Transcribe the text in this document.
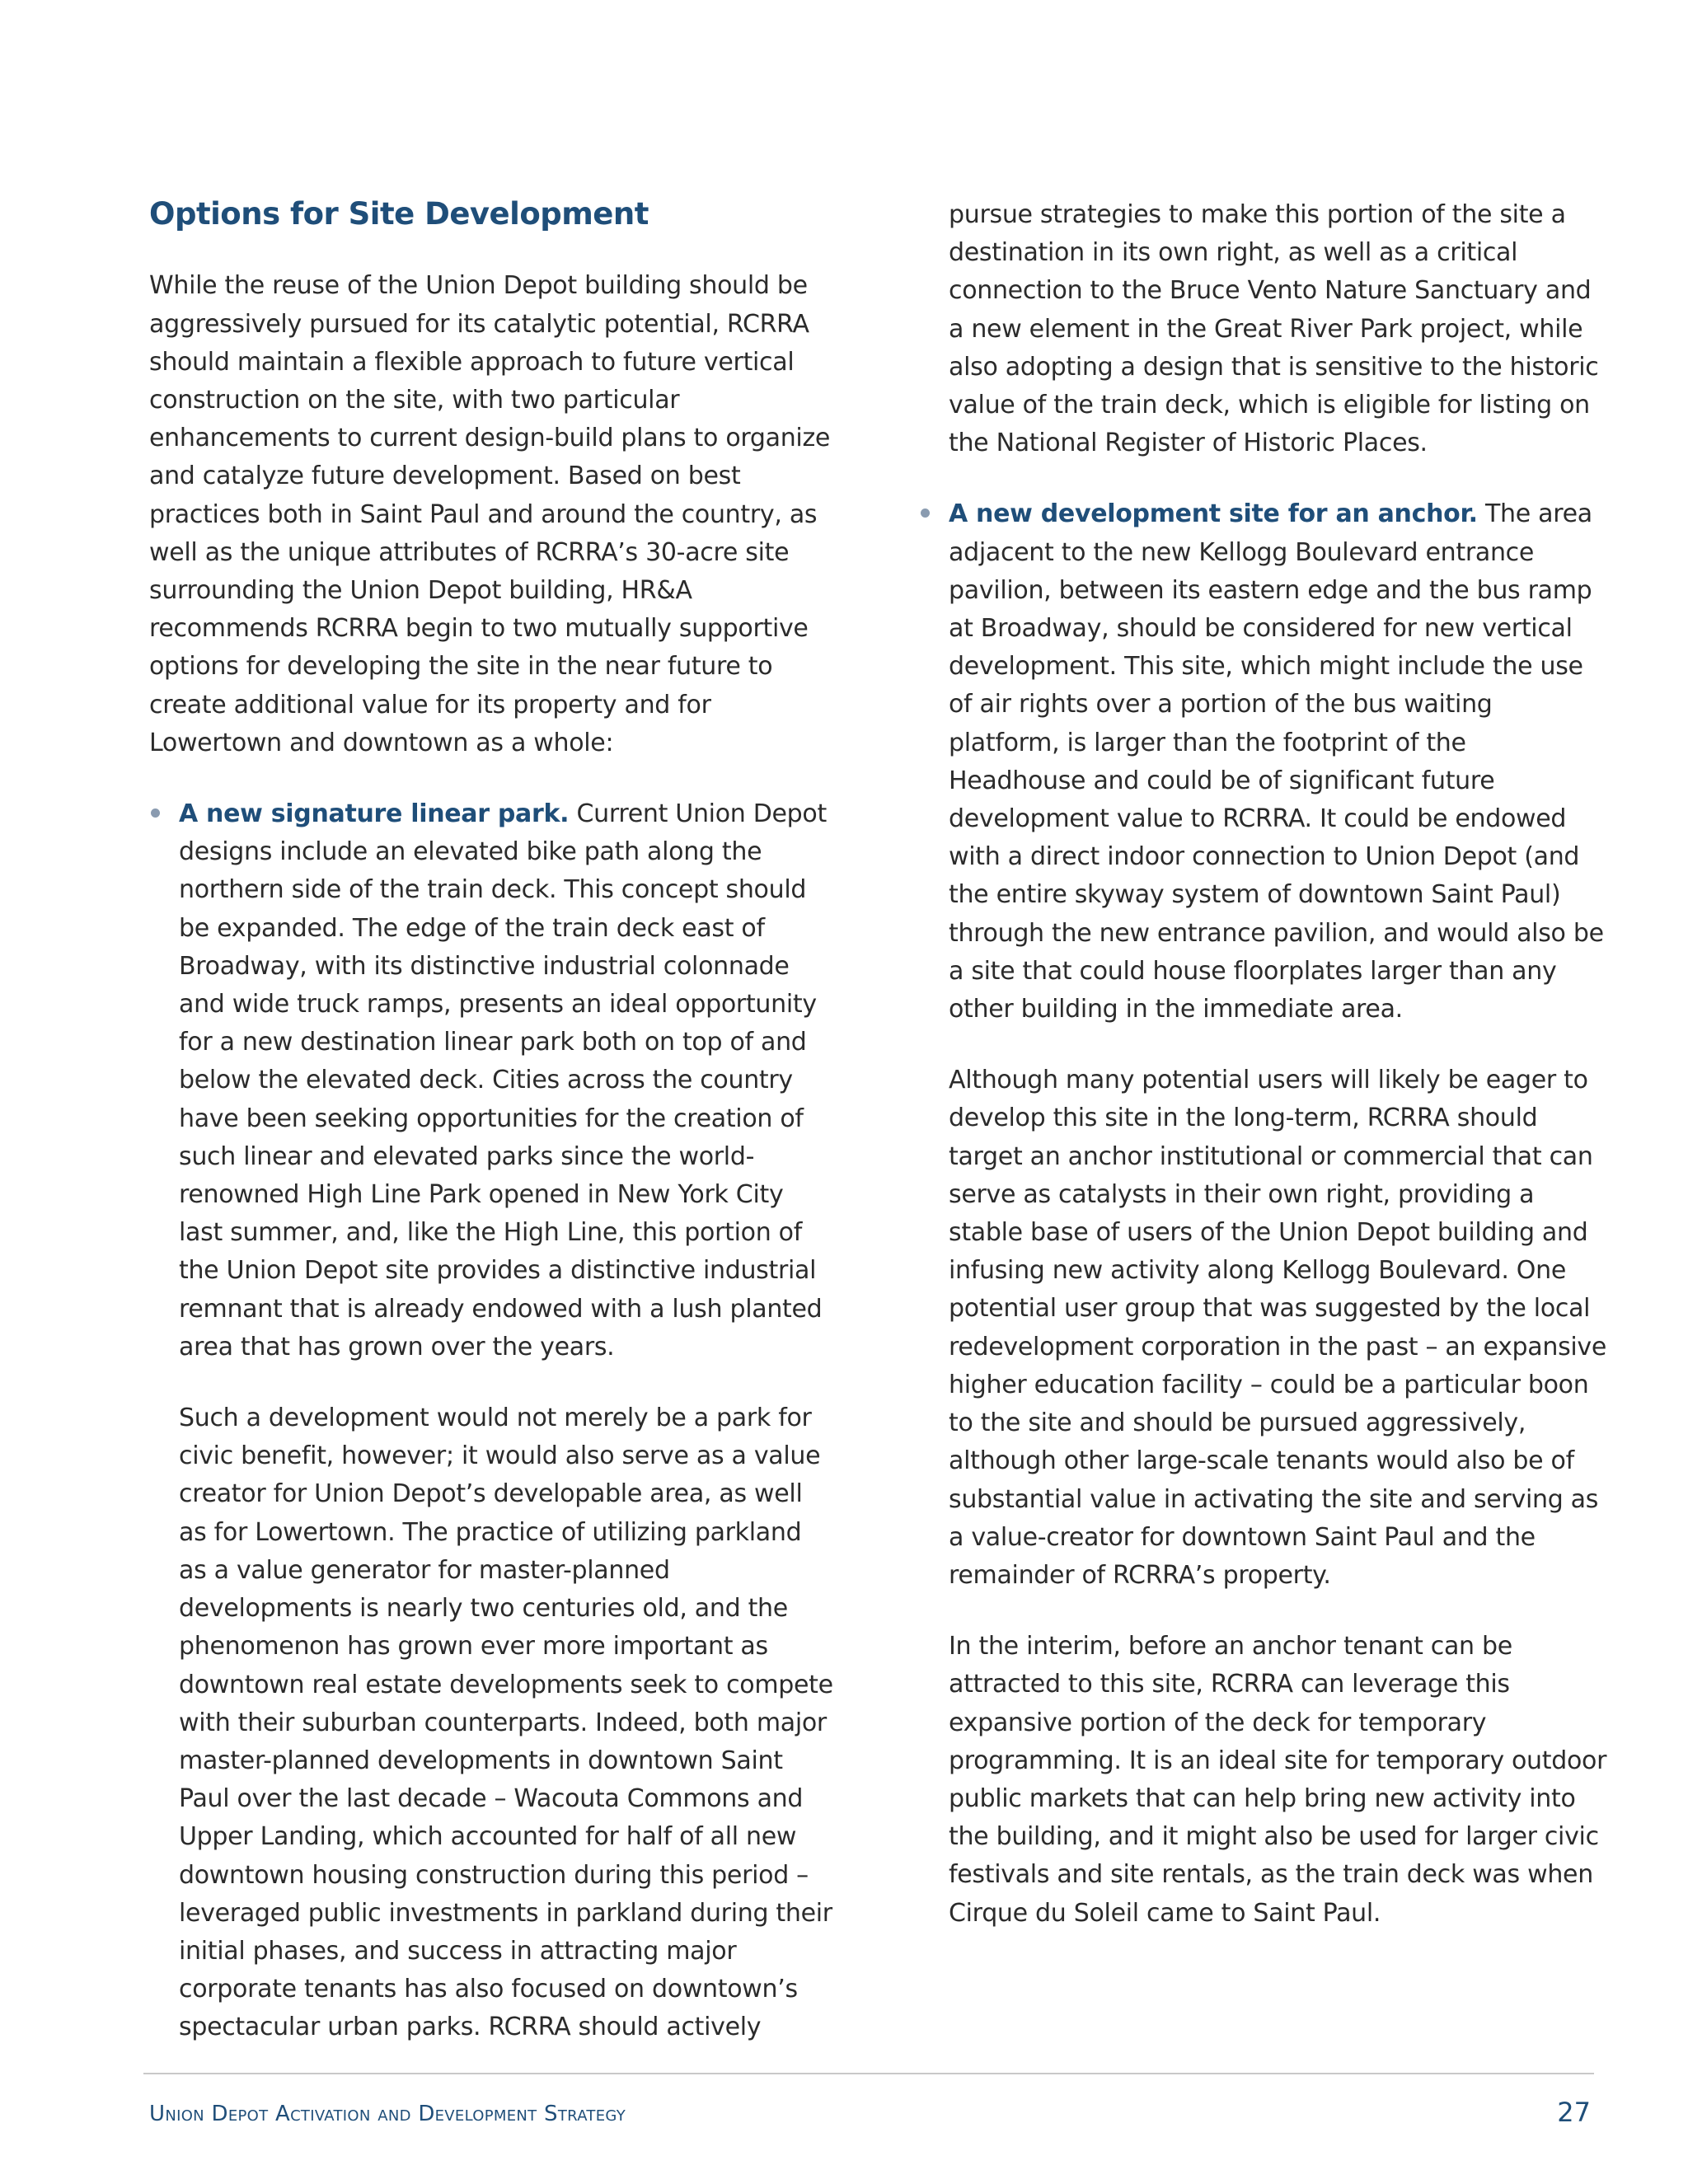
Options for Site Development

While the reuse of the Union Depot building should be aggressively pursued for its catalytic potential, RCRRA should maintain a flexible approach to future vertical construction on the site, with two particular enhancements to current design-build plans to organize and catalyze future development. Based on best practices both in Saint Paul and around the country, as well as the unique attributes of RCRRA’s 30-acre site surrounding the Union Depot building, HR&A recommends RCRRA begin to two mutually supportive options for developing the site in the near future to create additional value for its property and for Lowertown and downtown as a whole:

A new signature linear park. Current Union Depot designs include an elevated bike path along the northern side of the train deck. This concept should be expanded. The edge of the train deck east of Broadway, with its distinctive industrial colonnade and wide truck ramps, presents an ideal opportunity for a new destination linear park both on top of and below the elevated deck. Cities across the country have been seeking opportunities for the creation of such linear and elevated parks since the world-renowned High Line Park opened in New York City last summer, and, like the High Line, this portion of the Union Depot site provides a distinctive industrial remnant that is already endowed with a lush planted area that has grown over the years.

Such a development would not merely be a park for civic benefit, however; it would also serve as a value creator for Union Depot’s developable area, as well as for Lowertown. The practice of utilizing parkland as a value generator for master-planned developments is nearly two centuries old, and the phenomenon has grown ever more important as downtown real estate developments seek to compete with their suburban counterparts. Indeed, both major master-planned developments in downtown Saint Paul over the last decade – Wacouta Commons and Upper Landing, which accounted for half of all new downtown housing construction during this period – leveraged public investments in parkland during their initial phases, and success in attracting major corporate tenants has also focused on downtown’s spectacular urban parks. RCRRA should actively

pursue strategies to make this portion of the site a destination in its own right, as well as a critical connection to the Bruce Vento Nature Sanctuary and a new element in the Great River Park project, while also adopting a design that is sensitive to the historic value of the train deck, which is eligible for listing on the National Register of Historic Places.

A new development site for an anchor. The area adjacent to the new Kellogg Boulevard entrance pavilion, between its eastern edge and the bus ramp at Broadway, should be considered for new vertical development. This site, which might include the use of air rights over a portion of the bus waiting platform, is larger than the footprint of the Headhouse and could be of significant future development value to RCRRA. It could be endowed with a direct indoor connection to Union Depot (and the entire skyway system of downtown Saint Paul) through the new entrance pavilion, and would also be a site that could house floorplates larger than any other building in the immediate area.

Although many potential users will likely be eager to develop this site in the long-term, RCRRA should target an anchor institutional or commercial that can serve as catalysts in their own right, providing a stable base of users of the Union Depot building and infusing new activity along Kellogg Boulevard. One potential user group that was suggested by the local redevelopment corporation in the past – an expansive higher education facility – could be a particular boon to the site and should be pursued aggressively, although other large-scale tenants would also be of substantial value in activating the site and serving as a value-creator for downtown Saint Paul and the remainder of RCRRA’s property.

In the interim, before an anchor tenant can be attracted to this site, RCRRA can leverage this expansive portion of the deck for temporary programming. It is an ideal site for temporary outdoor public markets that can help bring new activity into the building, and it might also be used for larger civic festivals and site rentals, as the train deck was when Cirque du Soleil came to Saint Paul.

Union Depot Activation and Development Strategy	27
